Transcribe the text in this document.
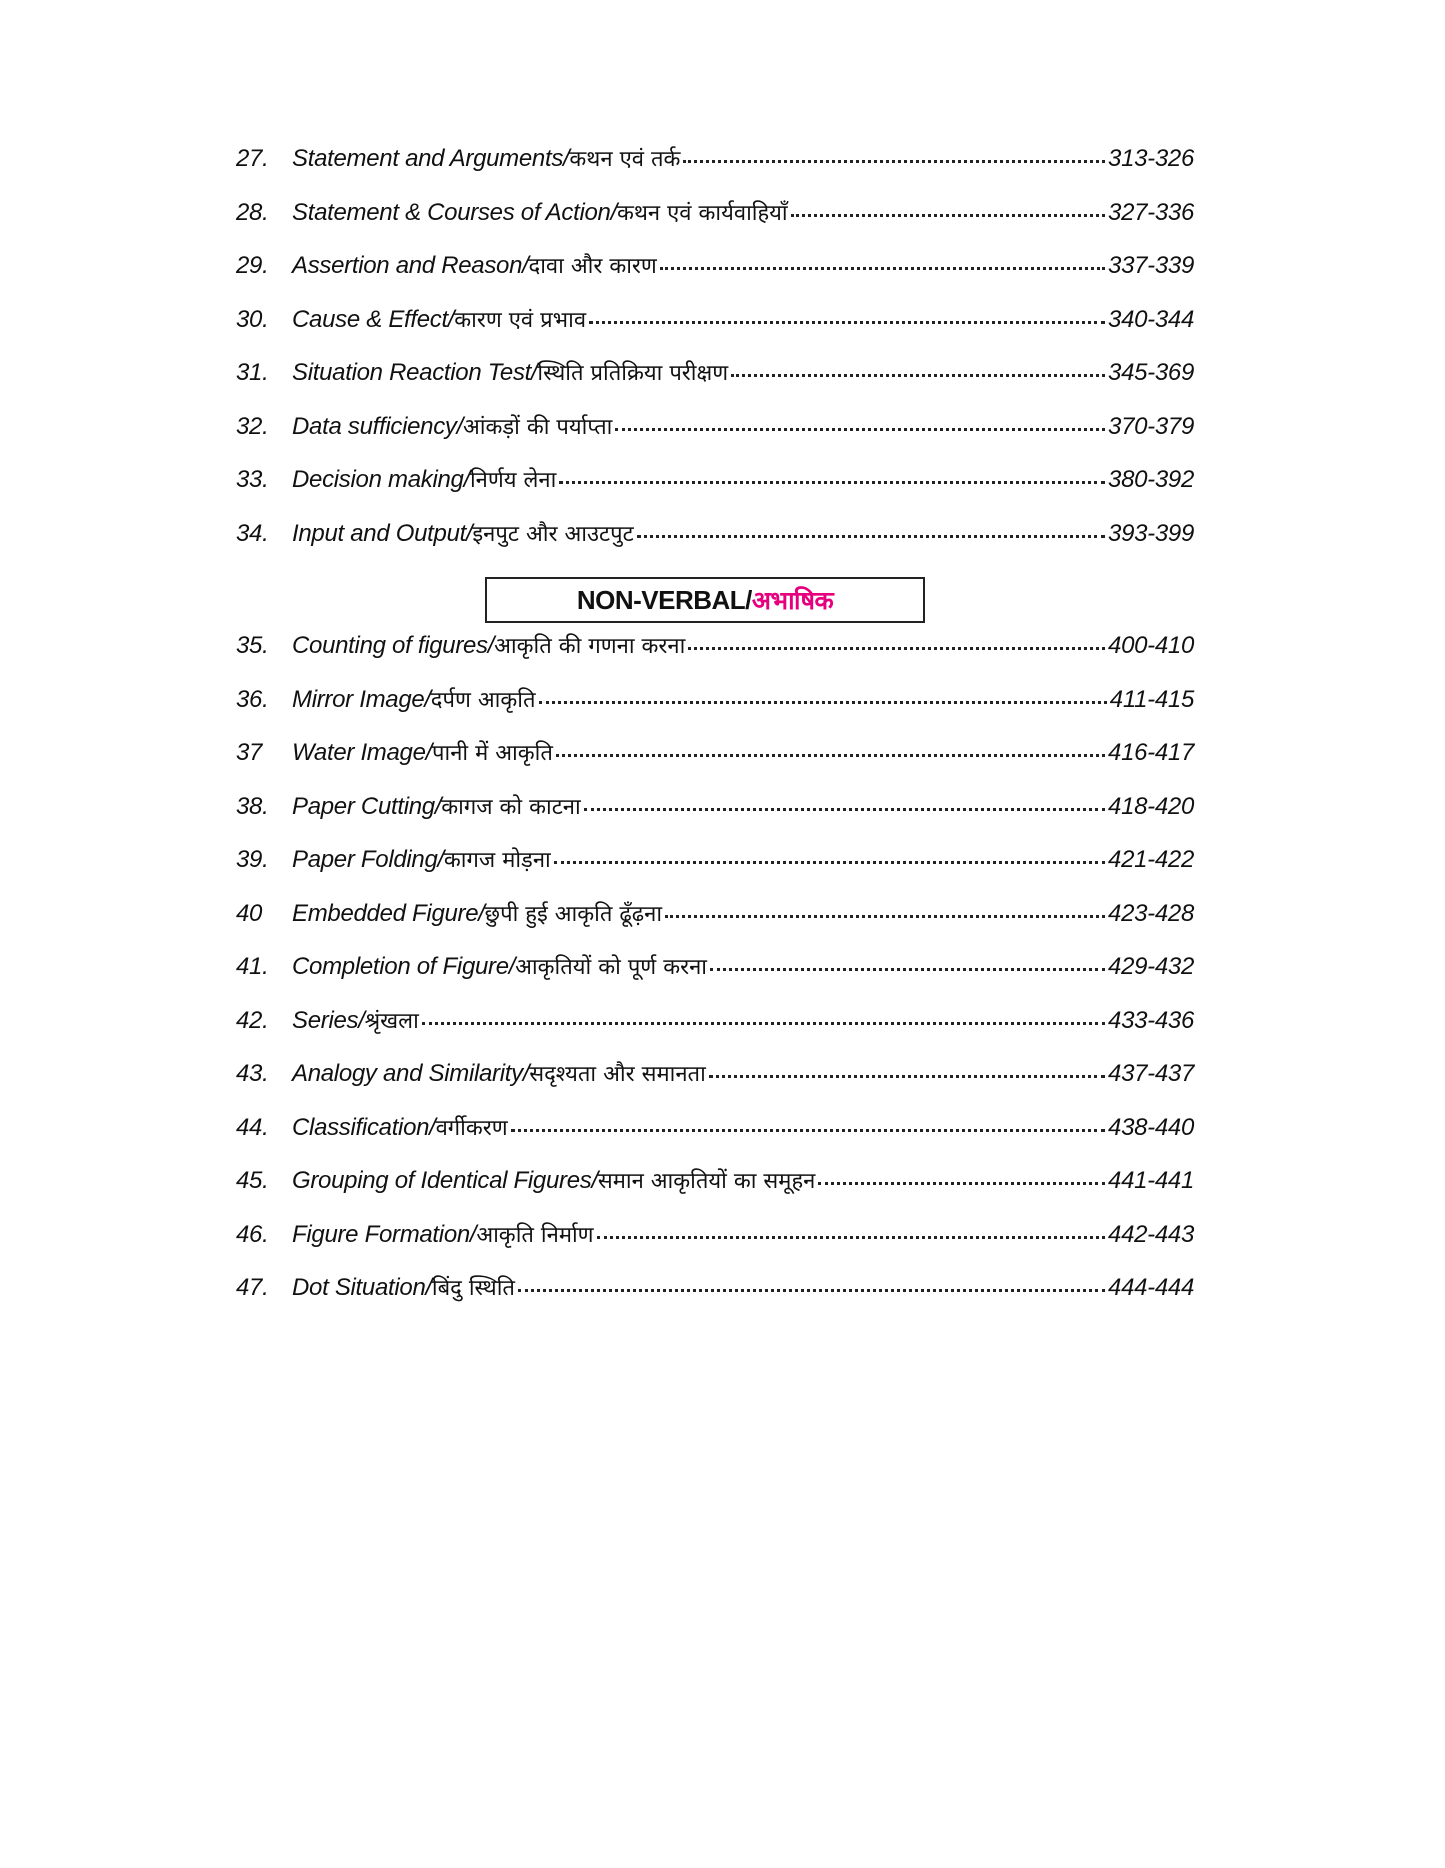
27. Statement and Arguments/कथन एवं तर्क	313-326
28. Statement & Courses of Action/कथन एवं कार्यवाहियाँ	327-336
29. Assertion and Reason/दावा और कारण	337-339
30. Cause & Effect/कारण एवं प्रभाव	340-344
31. Situation Reaction Test/स्थिति प्रतिक्रिया परीक्षण	345-369
32. Data sufficiency/आंकड़ों की पर्याप्ता	370-379
33. Decision making/निर्णय लेना	380-392
34. Input and Output/इनपुट और आउटपुट	393-399
NON-VERBAL/ अभाषिक
35. Counting of figures/आकृति की गणना करना	400-410
36. Mirror Image/दर्पण आकृति	411-415
37	Water Image/पानी में आकृति	416-417
38. Paper Cutting/कागज को काटना	418-420
39. Paper Folding/कागज मोड़ना	421-422
40	Embedded Figure/छुपी हुई आकृति ढूँढ़ना	423-428
41. Completion of Figure/आकृतियों को पूर्ण करना	429-432
42. Series/श्रृंखला	433-436
43. Analogy and Similarity/सदृश्यता और समानता	437-437
44. Classification/वर्गीकरण	438-440
45. Grouping of Identical Figures/समान आकृतियों का समूहन	441-441
46. Figure Formation/आकृति निर्माण	442-443
47. Dot Situation/बिंदु स्थिति	444-444
